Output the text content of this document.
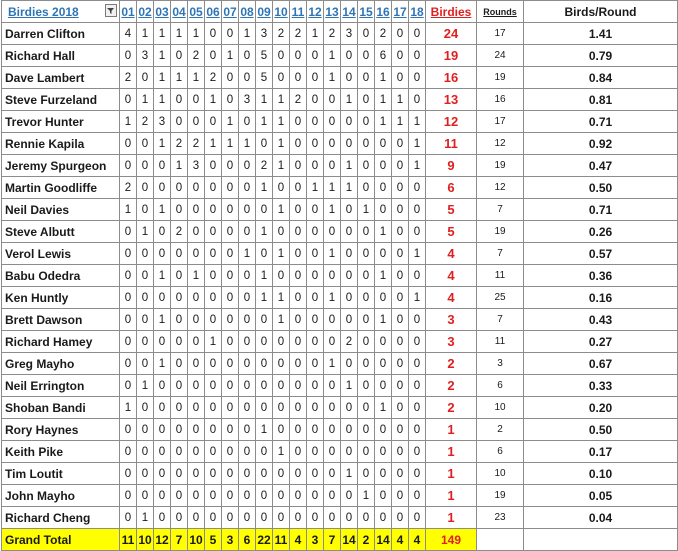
Birdies 2018	01	02	03	04	05	06	07	08	09	10	11	12	13	14	15	16	17	18	Birdies	Rounds	Birds/Round
Darren Clifton	4	1	1	1	1	0	0	1	3	2	2	1	2	3	0	2	0	0	24	17	1.41
Richard Hall	0	3	1	0	2	0	1	0	5	0	0	0	1	0	0	6	0	0	19	24	0.79
Dave Lambert	2	0	1	1	1	2	0	0	5	0	0	0	1	0	0	1	0	0	16	19	0.84
Steve Furzeland	0	1	1	0	0	1	0	3	1	1	2	0	0	1	0	1	1	0	13	16	0.81
Trevor Hunter	1	2	3	0	0	0	1	0	1	1	0	0	0	0	0	1	1	1	12	17	0.71
Rennie Kapila	0	0	1	2	2	1	1	1	0	1	0	0	0	0	0	0	0	1	11	12	0.92
Jeremy Spurgeon	0	0	0	1	3	0	0	0	2	1	0	0	0	1	0	0	0	1	9	19	0.47
Martin Goodliffe	2	0	0	0	0	0	0	0	1	0	0	1	1	1	0	0	0	0	6	12	0.50
Neil Davies	1	0	1	0	0	0	0	0	0	1	0	0	1	0	1	0	0	0	5	7	0.71
Steve Albutt	0	1	0	2	0	0	0	0	1	0	0	0	0	0	0	1	0	0	5	19	0.26
Verol Lewis	0	0	0	0	0	0	0	1	0	1	0	0	1	0	0	0	0	1	4	7	0.57
Babu Odedra	0	0	1	0	1	0	0	0	1	0	0	0	0	0	0	1	0	0	4	11	0.36
Ken Huntly	0	0	0	0	0	0	0	0	1	1	0	0	1	0	0	0	0	1	4	25	0.16
Brett Dawson	0	0	1	0	0	0	0	0	0	1	0	0	0	0	0	1	0	0	3	7	0.43
Richard Hamey	0	0	0	0	0	1	0	0	0	0	0	0	0	2	0	0	0	0	3	11	0.27
Greg Mayho	0	0	1	0	0	0	0	0	0	0	0	0	1	0	0	0	0	0	2	3	0.67
Neil Errington	0	1	0	0	0	0	0	0	0	0	0	0	0	1	0	0	0	0	2	6	0.33
Shoban Bandi	1	0	0	0	0	0	0	0	0	0	0	0	0	0	0	1	0	0	2	10	0.20
Rory Haynes	0	0	0	0	0	0	0	0	1	0	0	0	0	0	0	0	0	0	1	2	0.50
Keith Pike	0	0	0	0	0	0	0	0	0	1	0	0	0	0	0	0	0	0	1	6	0.17
Tim Loutit	0	0	0	0	0	0	0	0	0	0	0	0	0	1	0	0	0	0	1	10	0.10
John Mayho	0	0	0	0	0	0	0	0	0	0	0	0	0	0	1	0	0	0	1	19	0.05
Richard Cheng	0	1	0	0	0	0	0	0	0	0	0	0	0	0	0	0	0	0	1	23	0.04
Grand Total	11	10	12	7	10	5	3	6	22	11	4	3	7	14	2	14	4	4	149		
